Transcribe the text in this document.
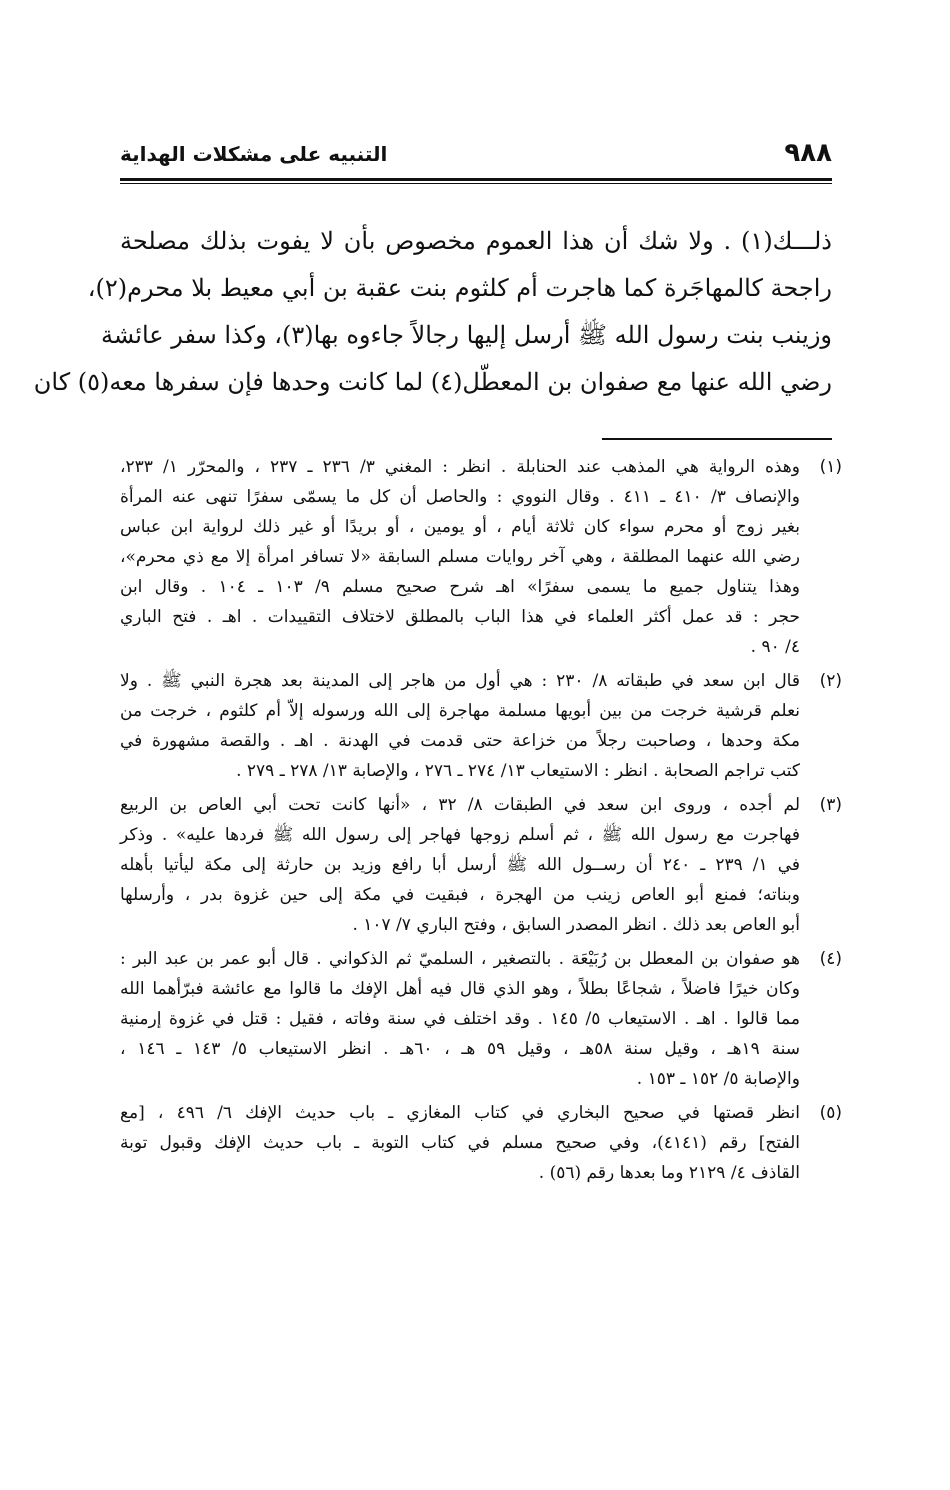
٩٨٨
التنبيه على مشكلات الهداية
ذلـــك(١) . ولا شك أن هذا العموم مخصوص بأن لا يفوت بذلك مصلحة
راجحة كالمهاجَرة كما هاجرت أم كلثوم بنت عقبة بن أبي معيط بلا محرم(٢)،
وزينب بنت رسول الله ﷺ أرسل إليها رجالاً جاءوه بها(٣)، وكذا سفر عائشة
رضي الله عنها مع صفوان بن المعطّل(٤) لما كانت وحدها فإن سفرها معه(٥) كان
(١)
وهذه الرواية هي المذهب عند الحنابلة . انظر : المغني ٣/ ٢٣٦ ـ ٢٣٧ ، والمحرّر ١/ ٢٣٣،
والإنصاف ٣/ ٤١٠ ـ ٤١١ . وقال النووي : والحاصل أن كل ما يسمّى سفرًا تنهى عنه المرأة
بغير زوج أو محرم سواء كان ثلاثة أيام ، أو يومين ، أو بريدًا أو غير ذلك لرواية ابن عباس
رضي الله عنهما المطلقة ، وهي آخر روايات مسلم السابقة «لا تسافر امرأة إلا مع ذي محرم»،
وهذا يتناول جميع ما يسمى سفرًا» اهـ شرح صحيح مسلم ٩/ ١٠٣ ـ ١٠٤ . وقال ابن
حجر : قد عمل أكثر العلماء في هذا الباب بالمطلق لاختلاف التقييدات . اهـ . فتح الباري
٤/ ٩٠ .
(٢)
قال ابن سعد في طبقاته ٨/ ٢٣٠ : هي أول من هاجر إلى المدينة بعد هجرة النبي ﷺ . ولا
نعلم قرشية خرجت من بين أبويها مسلمة مهاجرة إلى الله ورسوله إلاّ أم كلثوم ، خرجت من
مكة وحدها ، وصاحبت رجلاً من خزاعة حتى قدمت في الهدنة . اهـ . والقصة مشهورة في
كتب تراجم الصحابة . انظر : الاستيعاب ١٣/ ٢٧٤ ـ ٢٧٦ ، والإصابة ١٣/ ٢٧٨ ـ ٢٧٩ .
(٣)
لم أجده ، وروى ابن سعد في الطبقات ٨/ ٣٢ ، «أنها كانت تحت أبي العاص بن الربيع
فهاجرت مع رسول الله ﷺ ، ثم أسلم زوجها فهاجر إلى رسول الله ﷺ فردها عليه» . وذكر
في ١/ ٢٣٩ ـ ٢٤٠ أن رســول الله ﷺ أرسل أبا رافع وزيد بن حارثة إلى مكة ليأتيا بأهله
وبناته؛ فمنع أبو العاص زينب من الهجرة ، فبقيت في مكة إلى حين غزوة بدر ، وأرسلها
أبو العاص بعد ذلك . انظر المصدر السابق ، وفتح الباري ٧/ ١٠٧ .
(٤)
هو صفوان بن المعطل بن رُبَيْعَة . بالتصغير ، السلميّ ثم الذكواني . قال أبو عمر بن عبد البر :
وكان خيرًا فاضلاً ، شجاعًا بطلاً ، وهو الذي قال فيه أهل الإفك ما قالوا مع عائشة فبرّأهما الله
مما قالوا . اهـ . الاستيعاب ٥/ ١٤٥ . وقد اختلف في سنة وفاته ، فقيل : قتل في غزوة إرمنية
سنة ١٩هـ ، وقيل سنة ٥٨هـ ، وقيل ٥٩ هـ ، ٦٠هـ . انظر الاستيعاب ٥/ ١٤٣ ـ ١٤٦ ،
والإصابة ٥/ ١٥٢ ـ ١٥٣ .
(٥)
انظر قصتها في صحيح البخاري في كتاب المغازي ـ باب حديث الإفك ٦/ ٤٩٦ ، [مع
الفتح] رقم (٤١٤١)، وفي صحيح مسلم في كتاب التوبة ـ باب حديث الإفك وقبول توبة
القاذف ٤/ ٢١٢٩ وما بعدها رقم (٥٦) .
